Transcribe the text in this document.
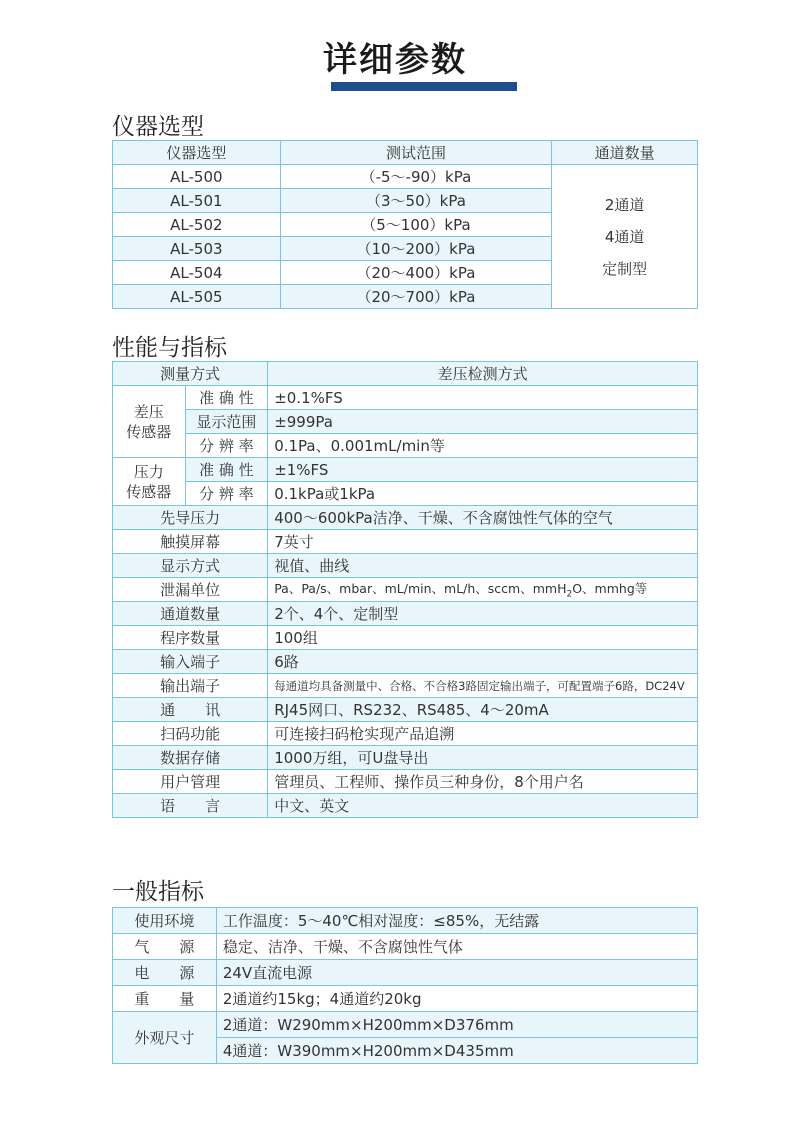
详细参数
仪器选型
仪器选型	测试范围	通道数量
AL-500	（-5～-90）kPa	2通道
4通道
定制型

AL-501	（3～50）kPa	
AL-502	（5～100）kPa	
AL-503	（10～200）kPa	
AL-504	（20～400）kPa	
AL-505	（20～700）kPa	
性能与指标
测量方式		差压检测方式

差压
传感器	准 确 性	±0.1%FS
	显示范围	±999Pa
	分 辨 率	0.1Pa、0.001mL/min等

压力
传感器	准 确 性	±1%FS
	分 辨 率	0.1kPa或1kPa
先导压力		400～600kPa洁净、干燥、不含腐蚀性气体的空气
触摸屏幕		7英寸
显示方式		视值、曲线
泄漏单位		Pa、Pa/s、mbar、mL/min、mL/h、sccm、mmH$_2$O、mmhg等
通道数量		2个、4个、定制型
程序数量		100组
输入端子		6路
输出端子		每通道均具备测量中、合格、不合格3路固定输出端子，可配置端子6路，DC24V
通　　讯		RJ45网口、RS232、RS485、4～20mA
扫码功能		可连接扫码枪实现产品追溯
数据存储		1000万组，可U盘导出
用户管理		管理员、工程师、操作员三种身份，8个用户名
语　　言		中文、英文
一般指标
使用环境	工作温度：5～40℃相对湿度：≤85%，无结露
气　　源	稳定、洁净、干燥、不含腐蚀性气体
电　　源	24V直流电源
重　　量	2通道约15kg；4通道约20kg
外观尺寸	2通道：W290mm×H200mm×D376mm
	4通道：W390mm×H200mm×D435mm
